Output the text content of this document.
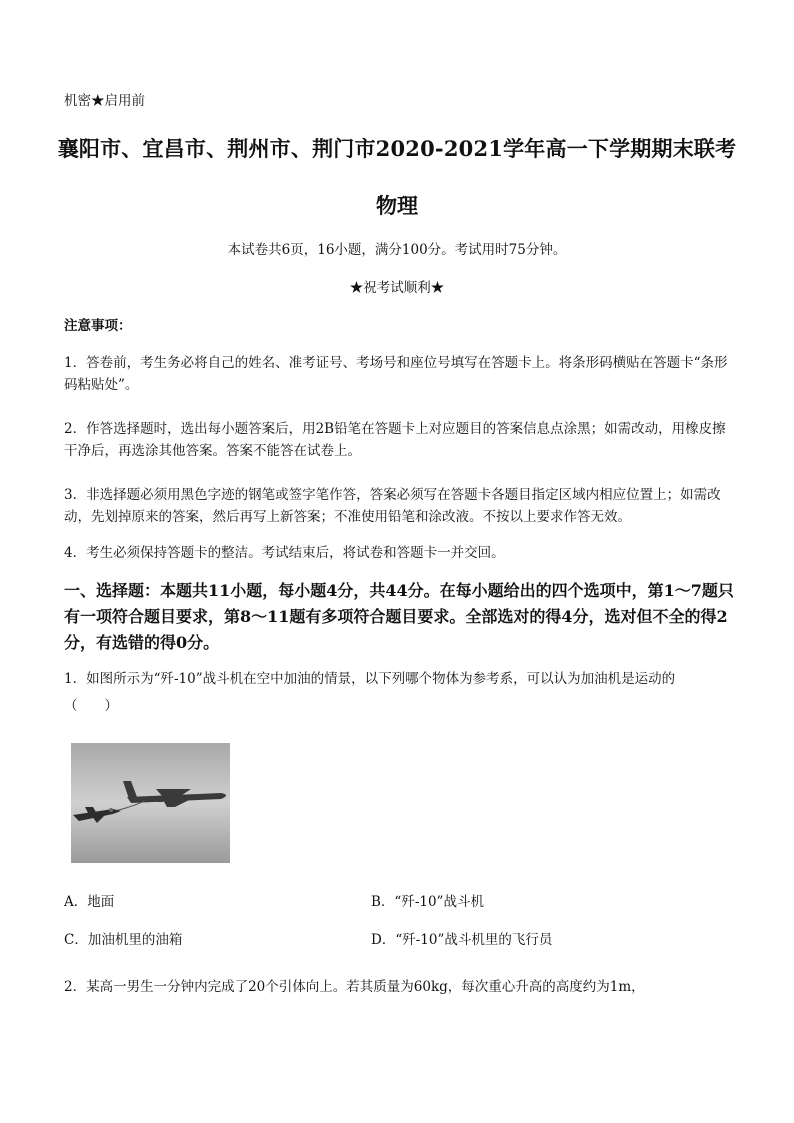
机密★启用前
襄阳市、宜昌市、荆州市、荆门市2020-2021学年高一下学期期末联考
物理
本试卷共6页，16小题，满分100分。考试用时75分钟。
★祝考试顺利★
注意事项：
1．答卷前，考生务必将自己的姓名、准考证号、考场号和座位号填写在答题卡上。将条形码横贴在答题卡“条形码粘贴处”。
2．作答选择题时，选出每小题答案后，用2B铅笔在答题卡上对应题目的答案信息点涂黑；如需改动，用橡皮擦干净后，再选涂其他答案。答案不能答在试卷上。
3．非选择题必须用黑色字迹的钢笔或签字笔作答，答案必须写在答题卡各题目指定区域内相应位置上；如需改动，先划掉原来的答案，然后再写上新答案；不准使用铅笔和涂改液。不按以上要求作答无效。
4．考生必须保持答题卡的整洁。考试结束后，将试卷和答题卡一并交回。
一、选择题：本题共11小题，每小题4分，共44分。在每小题给出的四个选项中，第1～7题只有一项符合题目要求，第8～11题有多项符合题目要求。全部选对的得4分，选对但不全的得2分，有选错的得0分。
1．如图所示为“歼-10”战斗机在空中加油的情景，以下列哪个物体为参考系，可以认为加油机是运动的
（　　）
A．地面	B．“歼-10”战斗机
C．加油机里的油箱	D．“歼-10”战斗机里的飞行员
2．某高一男生一分钟内完成了20个引体向上。若其质量为60kg，每次重心升高的高度约为1m，
